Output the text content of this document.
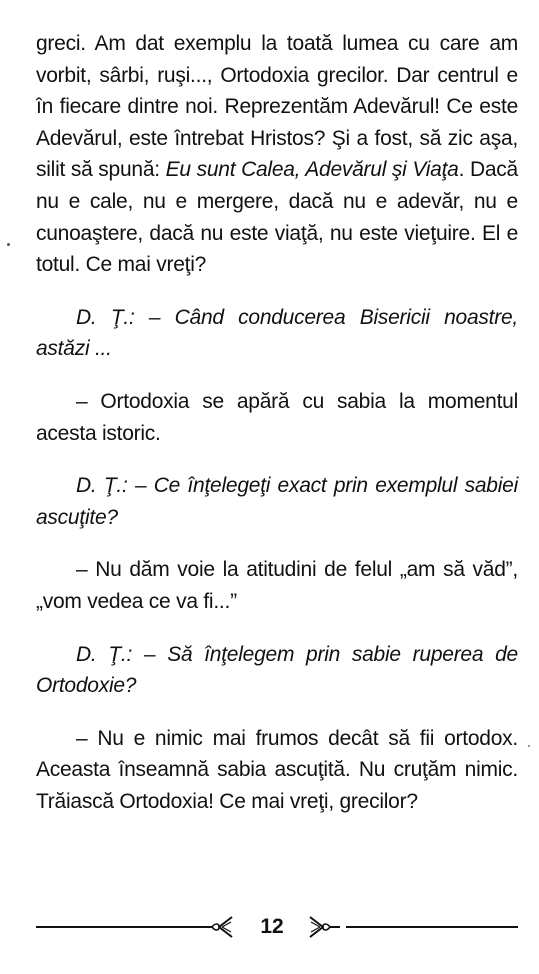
greci. Am dat exemplu la toată lumea cu care am vorbit, sârbi, ruşi..., Ortodoxia grecilor. Dar centrul e în fiecare dintre noi. Reprezentăm Adevărul! Ce este Adevărul, este întrebat Hristos? Şi a fost, să zic aşa, silit să spună: Eu sunt Calea, Adevărul şi Viaţa. Dacă nu e cale, nu e mergere, dacă nu e adevăr, nu e cunoaştere, dacă nu este viaţă, nu este vieţuire. El e totul. Ce mai vreţi?

D. Ţ.: – Când conducerea Bisericii noastre, astăzi ...

– Ortodoxia se apără cu sabia la momentul acesta istoric.

D. Ţ.: – Ce înţelegeţi exact prin exemplul sabiei ascuţite?

– Nu dăm voie la atitudini de felul „am să văd”, „vom vedea ce va fi...”

D. Ţ.: – Să înţelegem prin sabie ruperea de Ortodoxie?

– Nu e nimic mai frumos decât să fii ortodox. Aceasta înseamnă sabia ascuţită. Nu cruţăm nimic. Trăiască Ortodoxia! Ce mai vreţi, grecilor?

12
